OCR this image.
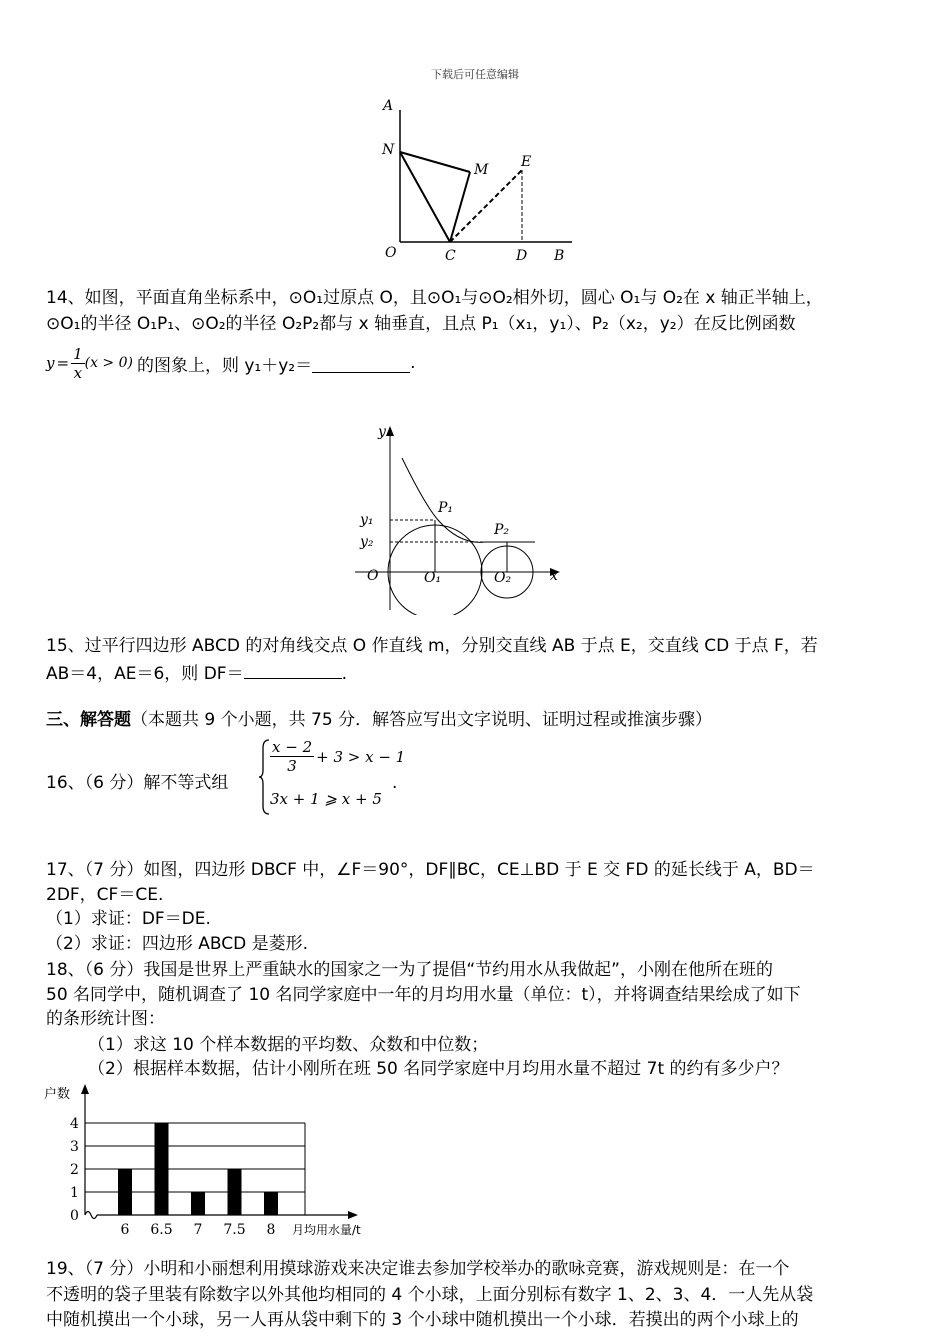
下载后可任意编辑
A
N
M E
O	C	D B
14、如图，平面直角坐标系中，⊙O₁过原点 O，且⊙O₁与⊙O₂相外切，圆心 O₁与 O₂在 x 轴正半轴上，
⊙O₁的半径 O₁P₁、⊙O₂的半径 O₂P₂都与 x 轴垂直，且点 P₁（x₁，y₁）、P₂（x₂，y₂）在反比例函数
$y = \frac{1}{x} (x > 0)$ 的图象上，则 y₁＋y₂＝	.
y
P₁
P₂
y₁
y₂
O	O₁	O₂	x
15、过平行四边形 ABCD 的对角线交点 O 作直线 m，分别交直线 AB 于点 E，交直线 CD 于点 F，若
AB＝4，AE＝6，则 DF＝	.
三、解答题（本题共 9 个小题，共 75 分．解答应写出文字说明、证明过程或推演步骤）
16、（6 分）解不等式组
$\frac{x - 2}{3} + 3 > x - 1$
3x + 1 ⩾ x + 5
.
17、（7 分）如图，四边形 DBCF 中，∠F＝90°，DF∥BC，CE⊥BD 于 E 交 FD 的延长线于 A，BD＝
2DF，CF＝CE.
（1）求证：DF＝DE.
（2）求证：四边形 ABCD 是菱形.
18、（6 分）我国是世界上严重缺水的国家之一为了提倡“节约用水从我做起”，小刚在他所在班的
50 名同学中，随机调查了 10 名同学家庭中一年的月均用水量（单位：t），并将调查结果绘成了如下
的条形统计图：
（1）求这 10 个样本数据的平均数、众数和中位数；
（2）根据样本数据，估计小刚所在班 50 名同学家庭中月均用水量不超过 7t 的约有多少户？
0
1
2
3
4
6 6.5 7 7.5 8
户数
月均用水量/t
19、（7 分）小明和小丽想利用摸球游戏来决定谁去参加学校举办的歌咏竞赛，游戏规则是：在一个
不透明的袋子里装有除数字以外其他均相同的 4 个小球，上面分别标有数字 1、2、3、4．一人先从袋
中随机摸出一个小球，另一人再从袋中剩下的 3 个小球中随机摸出一个小球．若摸出的两个小球上的
